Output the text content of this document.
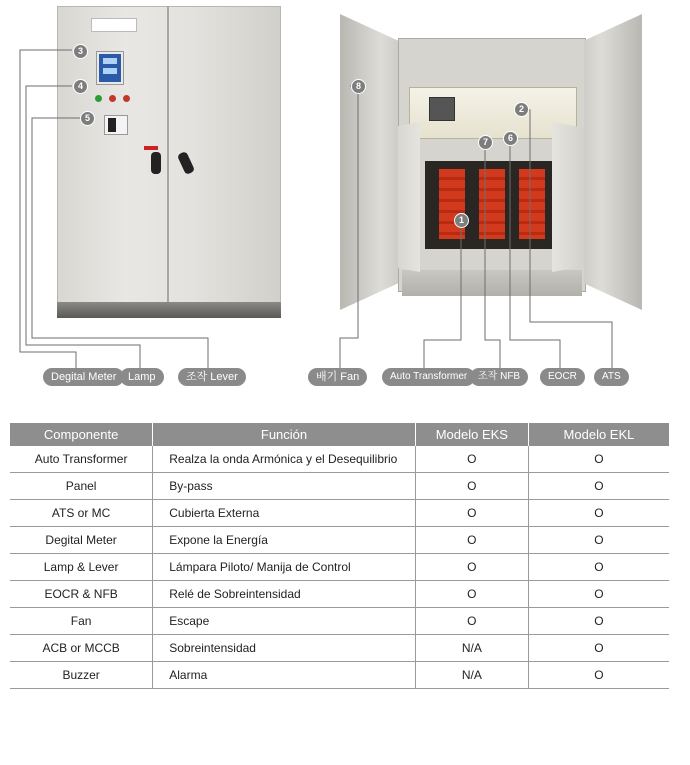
3
4
5
8
2
7	6
1
Degital Meter	Lamp	조작 Lever	배기 Fan	Auto Transformer	조작 NFB	EOCR	ATS
Componente	Función	Modelo EKS	Modelo EKL
Auto Transformer	Realza la onda Armónica y el Desequilibrio	O	O
Panel	By-pass	O	O
ATS or MC	Cubierta Externa	O	O
Degital Meter	Expone la Energía	O	O
Lamp & Lever	Lámpara Piloto/ Manija de Control	O	O
EOCR & NFB	Relé de Sobreintensidad	O	O
Fan	Escape	O	O
ACB or MCCB	Sobreintensidad	N/A	O
Buzzer	Alarma	N/A	O
